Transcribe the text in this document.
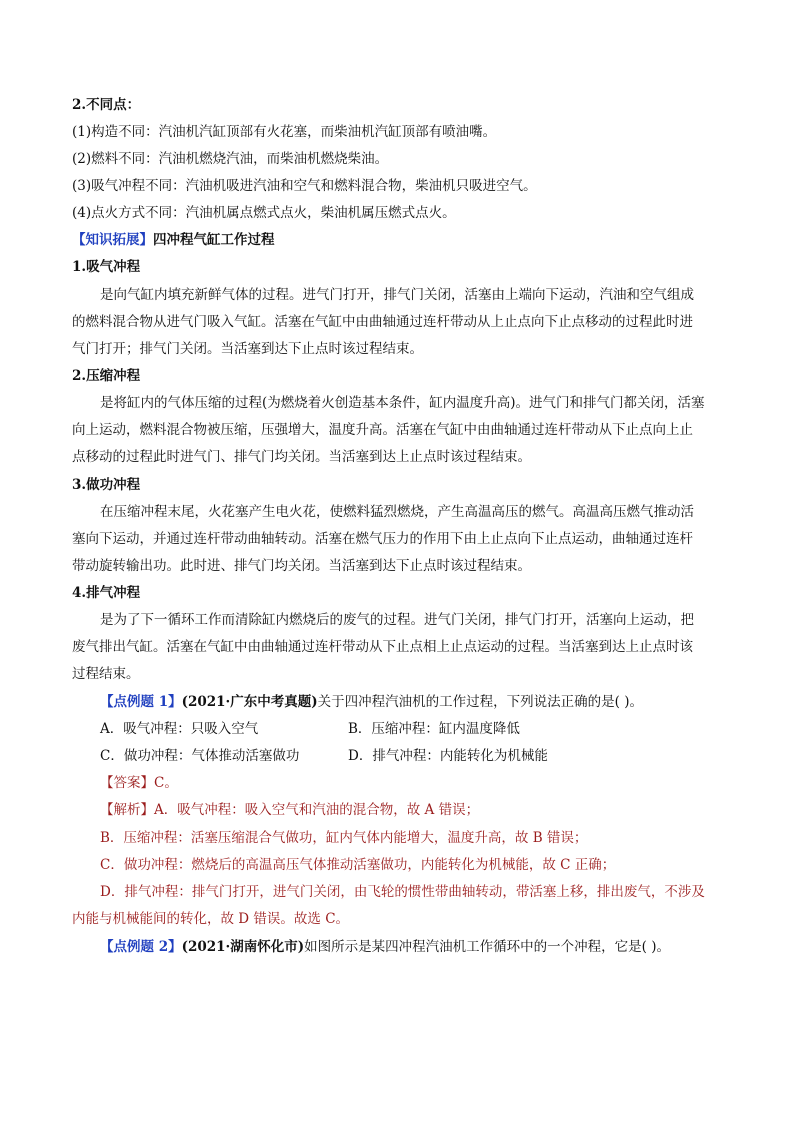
2.不同点：
(1)构造不同：汽油机汽缸顶部有火花塞，而柴油机汽缸顶部有喷油嘴。
(2)燃料不同：汽油机燃烧汽油，而柴油机燃烧柴油。
(3)吸气冲程不同：汽油机吸进汽油和空气和燃料混合物，柴油机只吸进空气。
(4)点火方式不同：汽油机属点燃式点火，柴油机属压燃式点火。
【知识拓展】四冲程气缸工作过程
1.吸气冲程
是向气缸内填充新鲜气体的过程。进气门打开，排气门关闭，活塞由上端向下运动，汽油和空气组成
的燃料混合物从进气门吸入气缸。活塞在气缸中由曲轴通过连杆带动从上止点向下止点移动的过程此时进
气门打开；排气门关闭。当活塞到达下止点时该过程结束。
2.压缩冲程
是将缸内的气体压缩的过程(为燃烧着火创造基本条件，缸内温度升高)。进气门和排气门都关闭，活塞
向上运动，燃料混合物被压缩，压强增大，温度升高。活塞在气缸中由曲轴通过连杆带动从下止点向上止
点移动的过程此时进气门、排气门均关闭。当活塞到达上止点时该过程结束。
3.做功冲程
在压缩冲程末尾，火花塞产生电火花，使燃料猛烈燃烧，产生高温高压的燃气。高温高压燃气推动活
塞向下运动，并通过连杆带动曲轴转动。活塞在燃气压力的作用下由上止点向下止点运动，曲轴通过连杆
带动旋转输出功。此时进、排气门均关闭。当活塞到达下止点时该过程结束。
4.排气冲程
是为了下一循环工作而清除缸内燃烧后的废气的过程。进气门关闭，排气门打开，活塞向上运动，把
废气排出气缸。活塞在气缸中由曲轴通过连杆带动从下止点相上止点运动的过程。当活塞到达上止点时该
过程结束。
【点例题 1】(2021·广东中考真题)关于四冲程汽油机的工作过程，下列说法正确的是( )。
A．吸气冲程：只吸入空气	B．压缩冲程：缸内温度降低
C．做功冲程：气体推动活塞做功	D．排气冲程：内能转化为机械能
【答案】C。
【解析】A．吸气冲程：吸入空气和汽油的混合物，故 A 错误；
B．压缩冲程：活塞压缩混合气做功，缸内气体内能增大，温度升高，故 B 错误；
C．做功冲程：燃烧后的高温高压气体推动活塞做功，内能转化为机械能，故 C 正确；
D．排气冲程：排气门打开，进气门关闭，由飞轮的惯性带曲轴转动，带活塞上移，排出废气，不涉及
内能与机械能间的转化，故 D 错误。故选 C。
【点例题 2】(2021·湖南怀化市)如图所示是某四冲程汽油机工作循环中的一个冲程，它是( )。
